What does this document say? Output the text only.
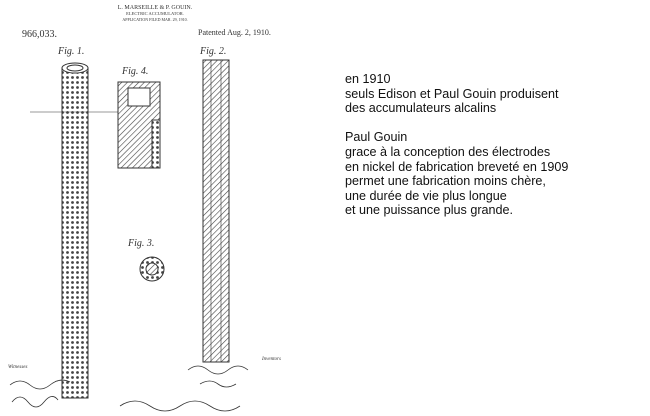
L. MARSEILLE & P. GOUIN.
ELECTRIC ACCUMULATOR.
APPLICATION FILED MAR. 29, 1910.
966,033.	Patented Aug. 2, 1910.
Fig. 1.	Fig. 2.
Fig. 4.
Fig. 3.
Witnesses
Inventors
en 1910
seuls Edison et Paul Gouin produisent
des accumulateurs alcalins
Paul Gouin
grace à la conception des électrodes
en nickel de fabrication breveté en 1909
permet une fabrication moins chère,
une durée de vie plus longue
et une puissance plus grande.
